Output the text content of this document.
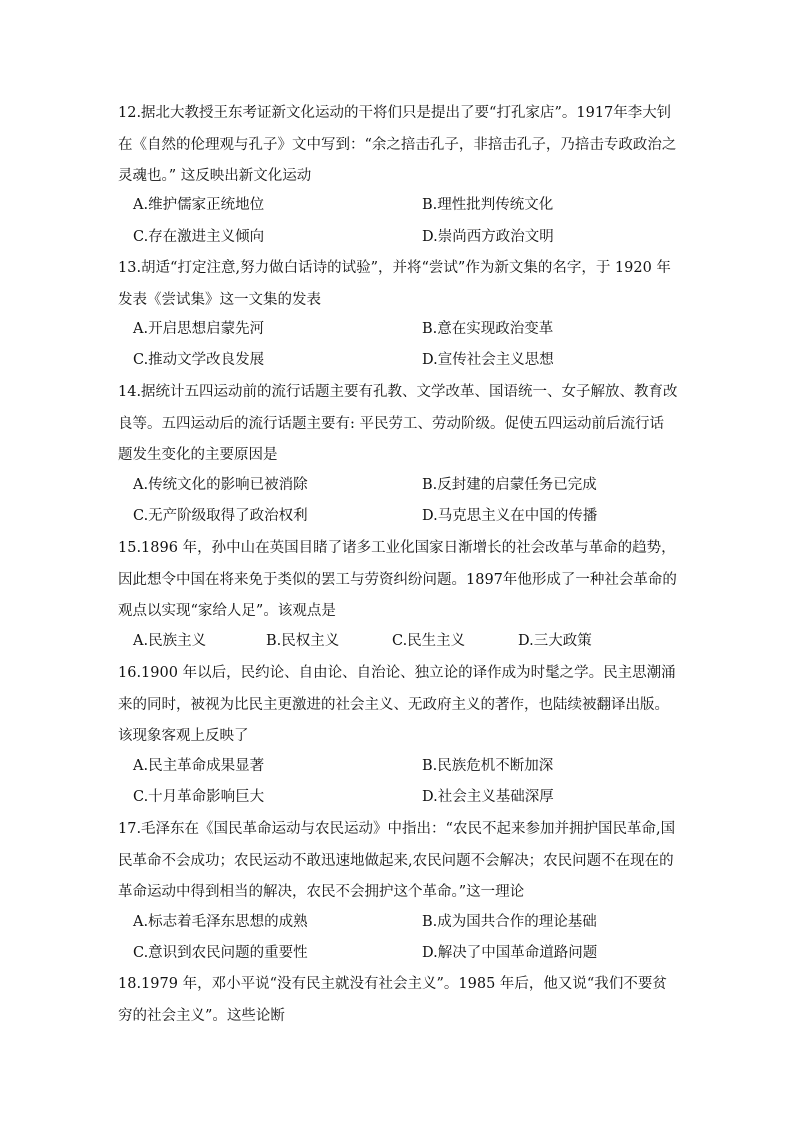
12.据北大教授王东考证新文化运动的干将们只是提出了要“打孔家店”。1917年李大钊在《自然的伦理观与孔子》文中写到：“余之掊击孔子，非掊击孔子，乃掊击专政政治之灵魂也。” 这反映出新文化运动

A.维护儒家正统地位	B.理性批判传统文化
C.存在激进主义倾向	D.崇尚西方政治文明

13.胡适“打定注意,努力做白话诗的试验”，并将“尝试”作为新文集的名字，于 1920 年发表《尝试集》这一文集的发表

A.开启思想启蒙先河	B.意在实现政治变革
C.推动文学改良发展	D.宣传社会主义思想

14.据统计五四运动前的流行话题主要有孔教、文学改革、国语统一、女子解放、教育改良等。五四运动后的流行话题主要有: 平民劳工、劳动阶级。促使五四运动前后流行话题发生变化的主要原因是

A.传统文化的影响已被消除	B.反封建的启蒙任务已完成
C.无产阶级取得了政治权利	D.马克思主义在中国的传播

15.1896 年，孙中山在英国目睹了诸多工业化国家日渐增长的社会改革与革命的趋势，因此想令中国在将来免于类似的罢工与劳资纠纷问题。1897年他形成了一种社会革命的观点以实现“家给人足”。该观点是

A.民族主义	B.民权主义	C.民生主义	D.三大政策

16.1900 年以后，民约论、自由论、自治论、独立论的译作成为时髦之学。民主思潮涌来的同时，被视为比民主更激进的社会主义、无政府主义的著作，也陆续被翻译出版。该现象客观上反映了

A.民主革命成果显著	B.民族危机不断加深
C.十月革命影响巨大	D.社会主义基础深厚

17.毛泽东在《国民革命运动与农民运动》中指出：“农民不起来参加并拥护国民革命,国民革命不会成功；农民运动不敢迅速地做起来,农民问题不会解决；农民问题不在现在的革命运动中得到相当的解决，农民不会拥护这个革命。”这一理论

A.标志着毛泽东思想的成熟	B.成为国共合作的理论基础
C.意识到农民问题的重要性	D.解决了中国革命道路问题

18.1979 年，邓小平说“没有民主就没有社会主义”。1985 年后，他又说“我们不要贫穷的社会主义”。这些论断
